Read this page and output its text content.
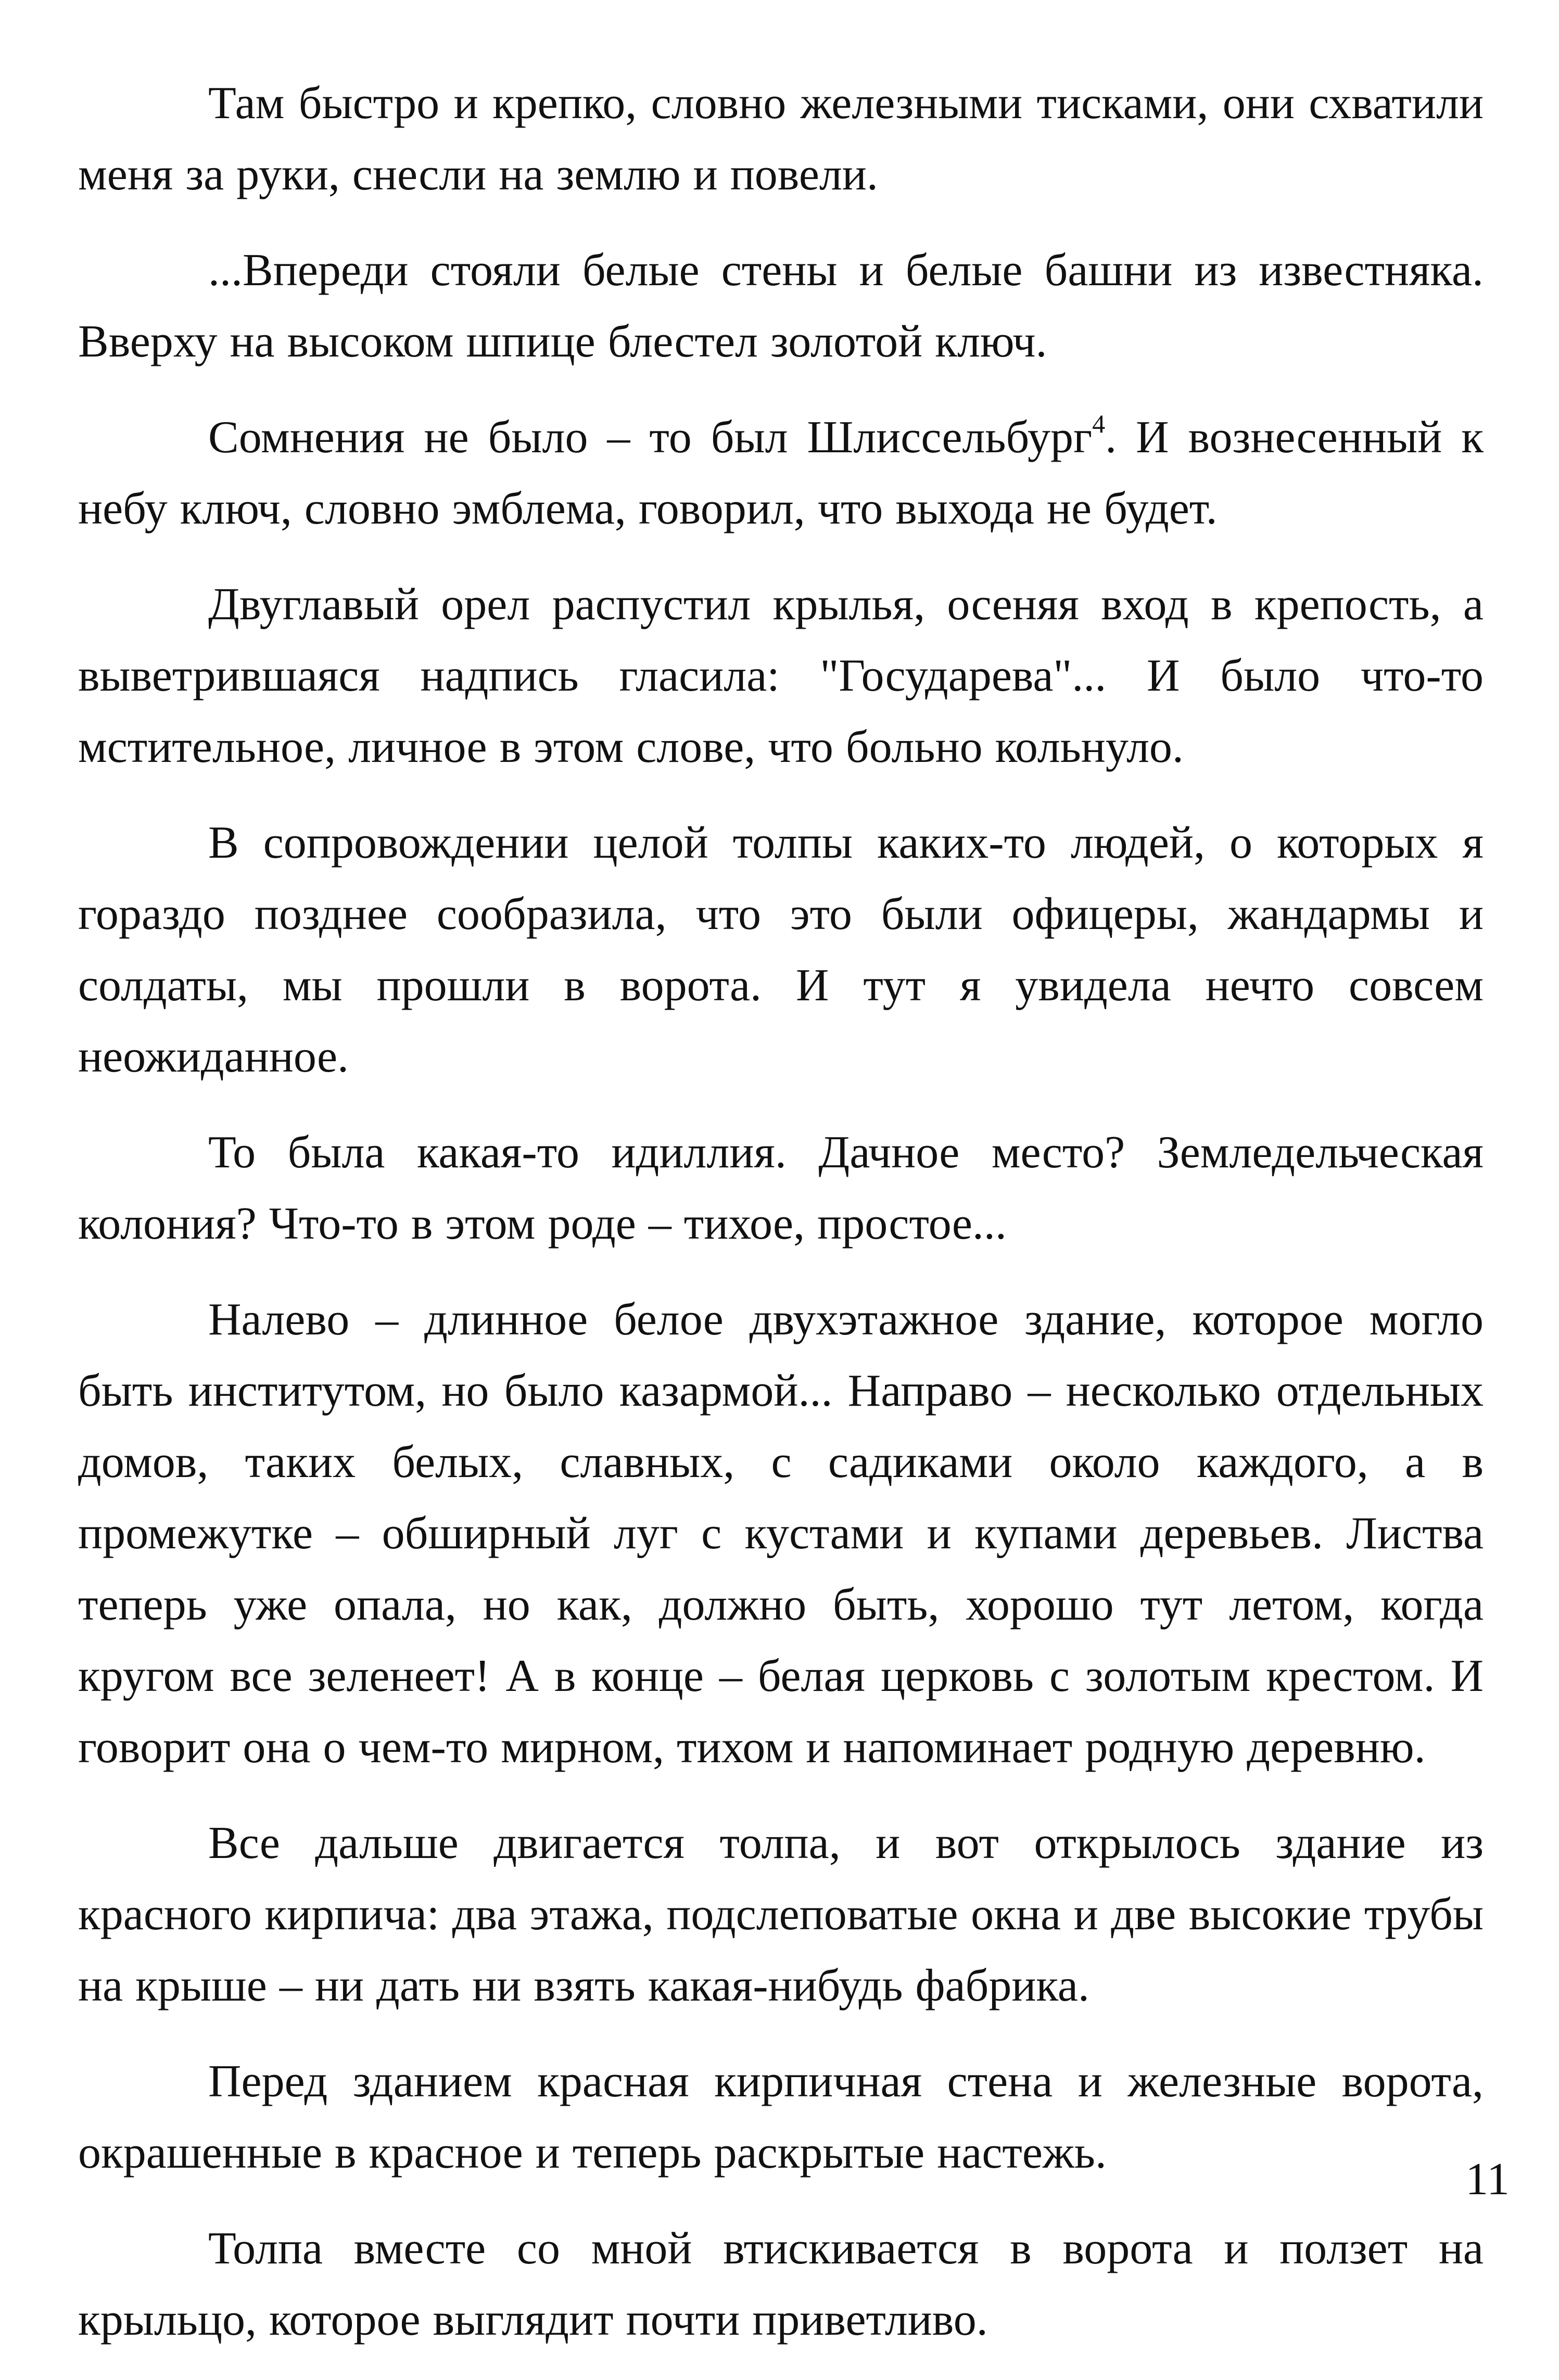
Там быстро и крепко, словно железными тисками, они схватили меня за руки, снесли на землю и повели.

...Впереди стояли белые стены и белые башни из известняка. Вверху на высоком шпице блестел золотой ключ.

Сомнения не было – то был Шлиссельбург$^4$. И вознесенный к небу ключ, словно эмблема, говорил, что выхода не будет.

Двуглавый орел распустил крылья, осеняя вход в крепость, а выветрившаяся надпись гласила: "Государева"... И было что-то мстительное, личное в этом слове, что больно кольнуло.

В сопровождении целой толпы каких-то людей, о которых я гораздо позднее сообразила, что это были офицеры, жандармы и солдаты, мы прошли в ворота. И тут я увидела нечто совсем неожиданное.

То была какая-то идиллия. Дачное место? Земледельческая колония? Что-то в этом роде – тихое, простое...

Налево – длинное белое двухэтажное здание, которое могло быть институтом, но было казармой... Направо – несколько отдельных домов, таких белых, славных, с садиками около каждого, а в промежутке – обширный луг с кустами и купами деревьев. Листва теперь уже опала, но как, должно быть, хорошо тут летом, когда кругом все зеленеет! А в конце – белая церковь с золотым крестом. И говорит она о чем-то мирном, тихом и напоминает родную деревню.

Все дальше двигается толпа, и вот открылось здание из красного кирпича: два этажа, подслеповатые окна и две высокие трубы на крыше – ни дать ни взять какая-нибудь фабрика.

Перед зданием красная кирпичная стена и железные ворота, окрашенные в красное и теперь раскрытые настежь.

Толпа вместе со мной втискивается в ворота и ползет на крыльцо, которое выглядит почти приветливо.

11
